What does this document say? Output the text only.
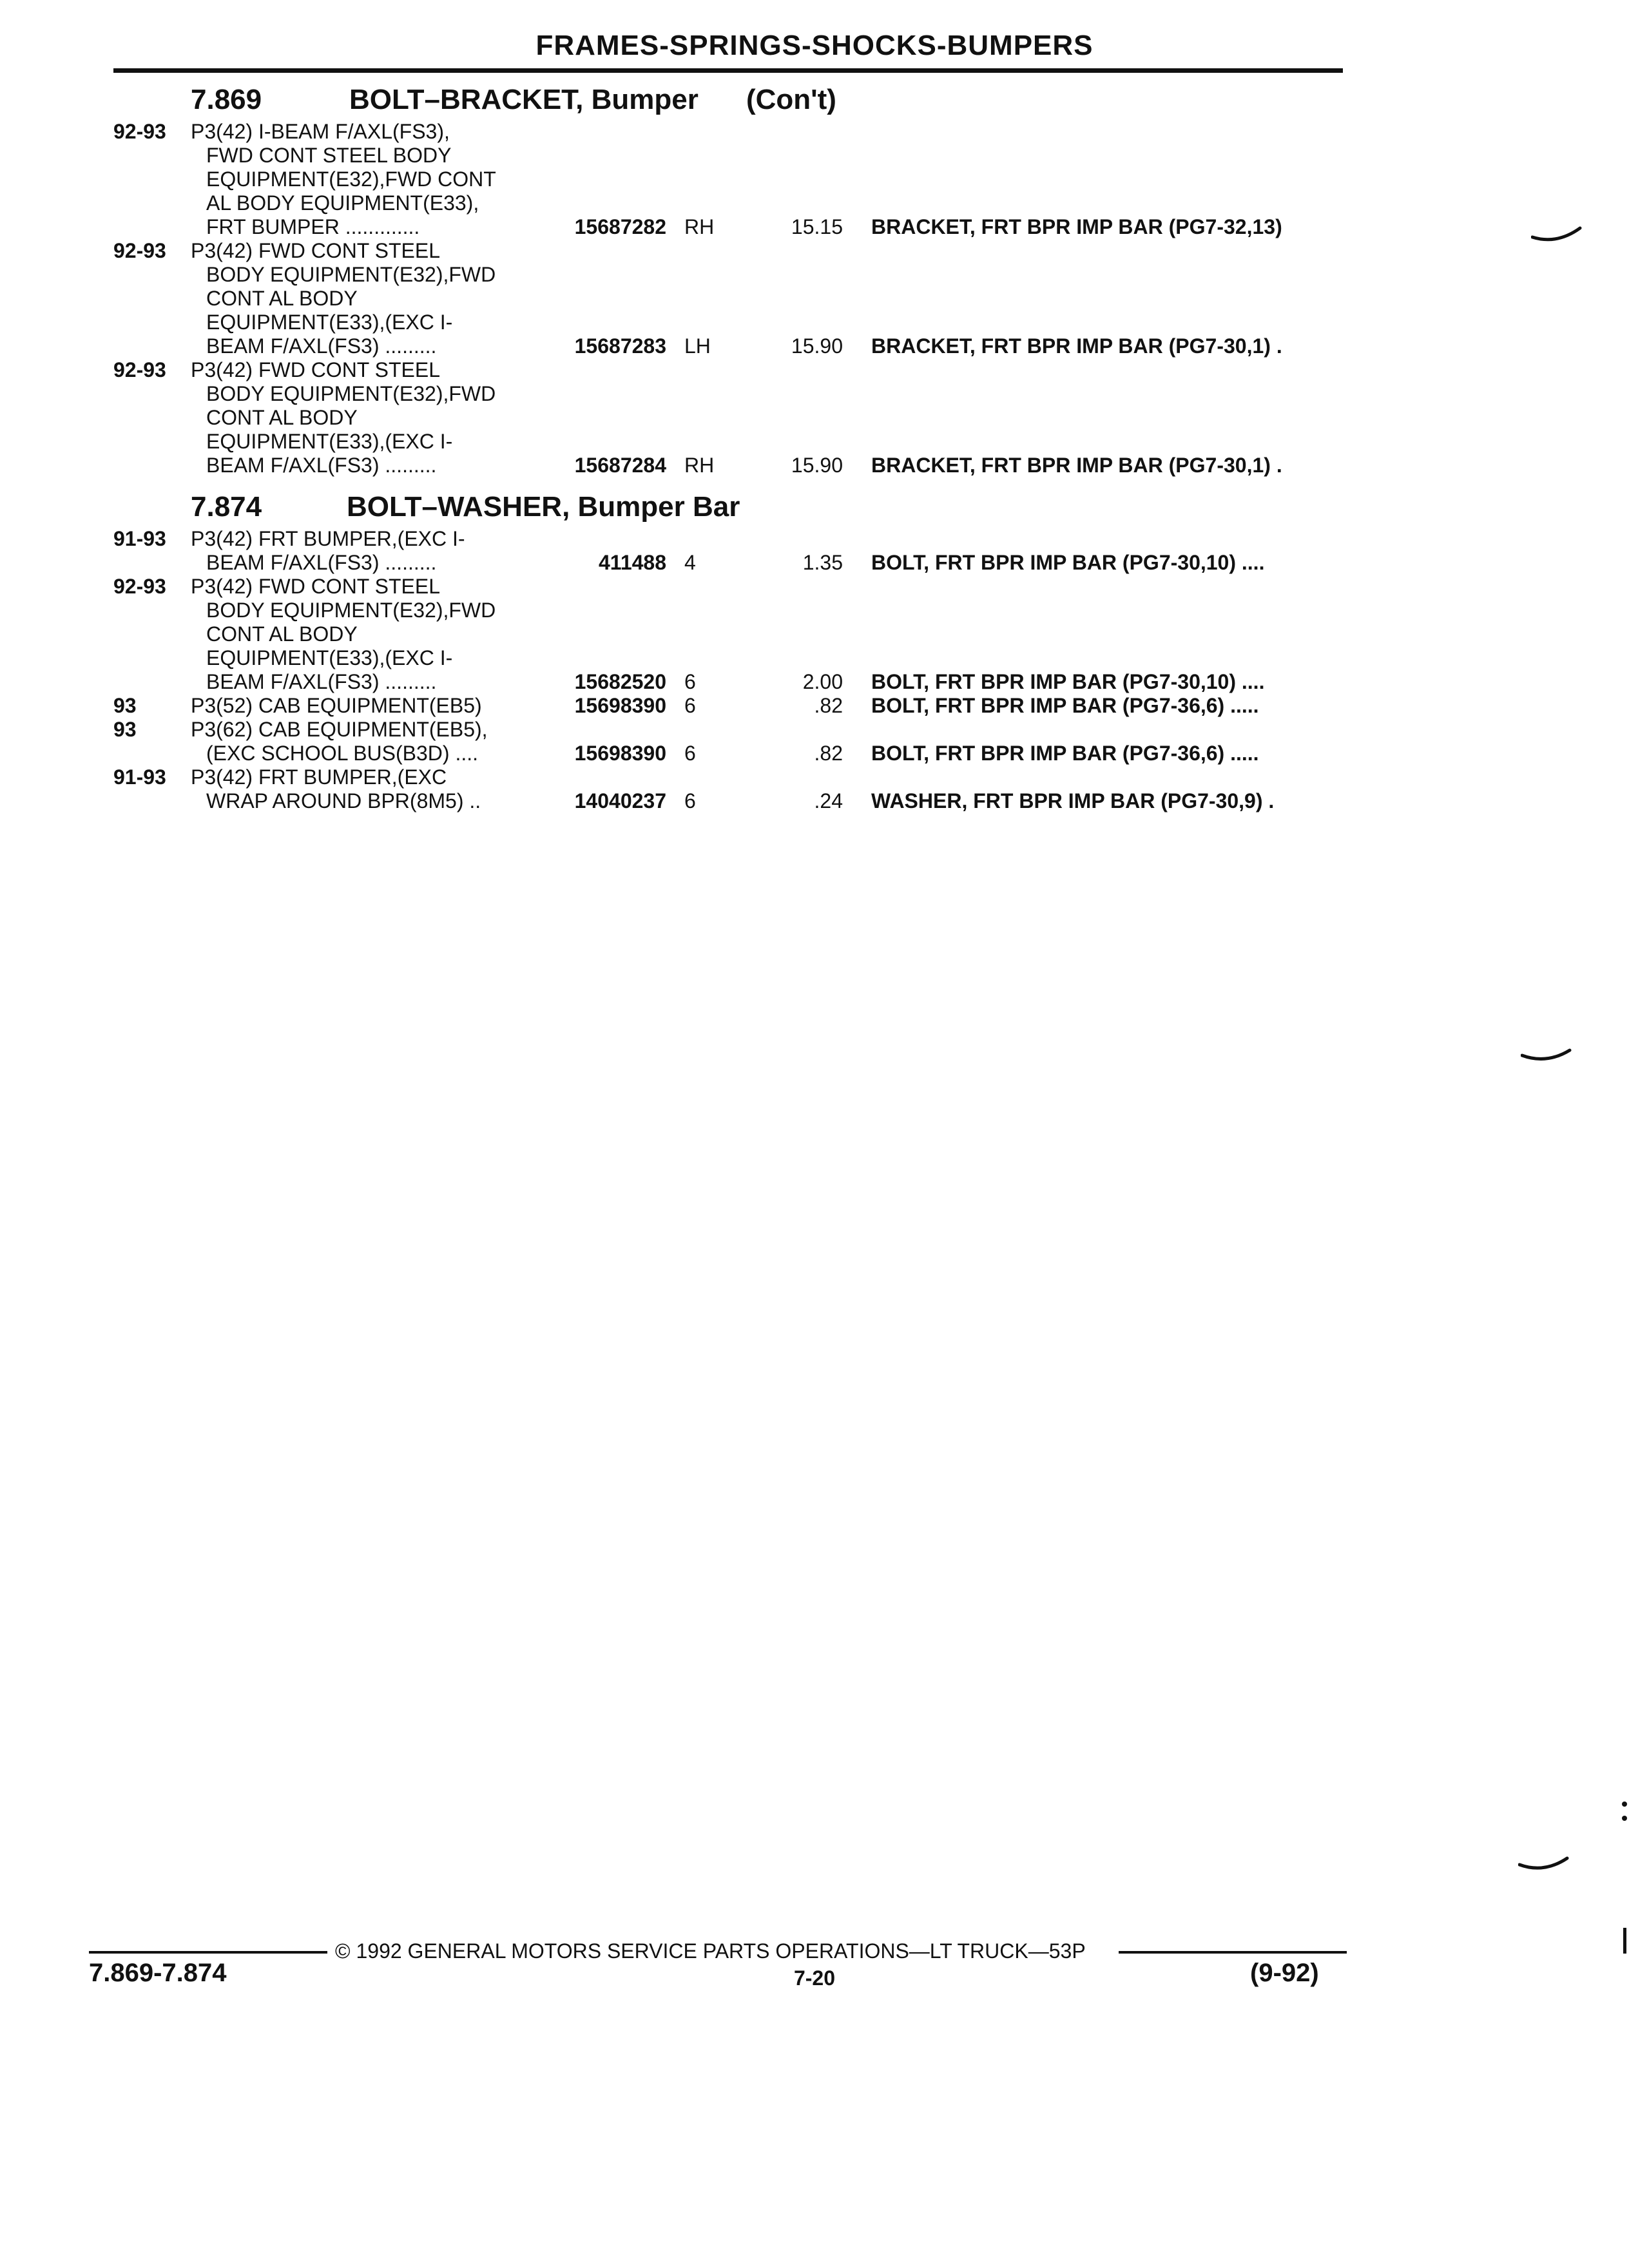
FRAMES-SPRINGS-SHOCKS-BUMPERS
7.869	BOLT–BRACKET, Bumper (Con't)
92-93 P3(42) I-BEAM F/AXL(FS3),
FWD CONT STEEL BODY
EQUIPMENT(E32),FWD CONT
AL BODY EQUIPMENT(E33),
FRT BUMPER .............	15687282 RH	15.15 BRACKET, FRT BPR IMP BAR (PG7-32,13)
92-93 P3(42) FWD CONT STEEL
BODY EQUIPMENT(E32),FWD
CONT AL BODY
EQUIPMENT(E33),(EXC I-
BEAM F/AXL(FS3) .........	15687283 LH	15.90 BRACKET, FRT BPR IMP BAR (PG7-30,1) .
92-93 P3(42) FWD CONT STEEL
BODY EQUIPMENT(E32),FWD
CONT AL BODY
EQUIPMENT(E33),(EXC I-
BEAM F/AXL(FS3) .........	15687284 RH	15.90 BRACKET, FRT BPR IMP BAR (PG7-30,1) .
7.874	BOLT–WASHER, Bumper Bar
91-93 P3(42) FRT BUMPER,(EXC I-
BEAM F/AXL(FS3) .........	411488 4	1.35 BOLT, FRT BPR IMP BAR (PG7-30,10) ....
92-93 P3(42) FWD CONT STEEL
BODY EQUIPMENT(E32),FWD
CONT AL BODY
EQUIPMENT(E33),(EXC I-
BEAM F/AXL(FS3) .........	15682520 6	2.00 BOLT, FRT BPR IMP BAR (PG7-30,10) ....
93	P3(52) CAB EQUIPMENT(EB5)	15698390 6	.82 BOLT, FRT BPR IMP BAR (PG7-36,6) .....
93	P3(62) CAB EQUIPMENT(EB5),
(EXC SCHOOL BUS(B3D) ....	15698390 6	.82 BOLT, FRT BPR IMP BAR (PG7-36,6) .....
91-93 P3(42) FRT BUMPER,(EXC
WRAP AROUND BPR(8M5) ..	14040237 6	.24 WASHER, FRT BPR IMP BAR (PG7-30,9) .
© 1992 GENERAL MOTORS SERVICE PARTS OPERATIONS—LT TRUCK—53P
7.869-7.874	7-20	(9-92)
